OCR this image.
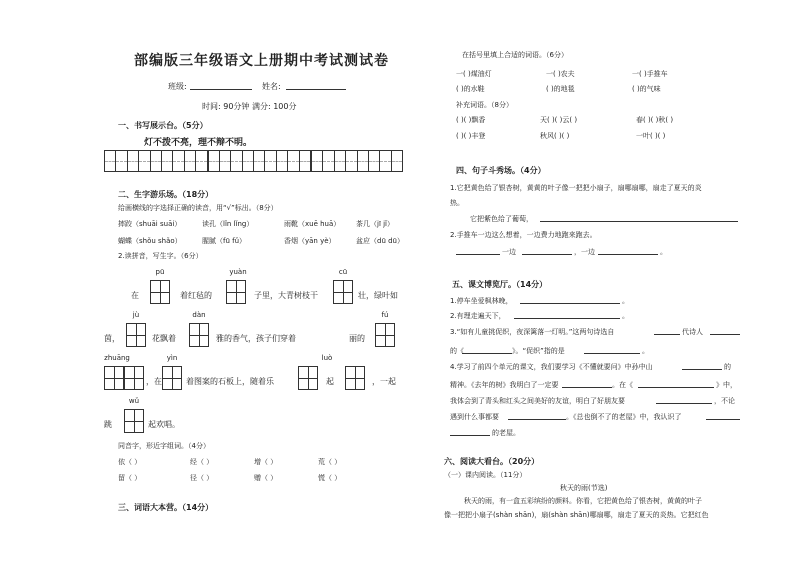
部编版三年级语文上册期中考试测试卷
班级:	姓名:
时间: 90分钟 满分: 100分
一、书写展示台。（5分）
灯不拨不亮，理不辩不明。
二、生字游乐场。（18分）
给画横线的字选择正确的读音，用“√”标出。（8分）
摔跤（shuāi suāi）	读孔（lǐn lǐng）	雨靴（xuē huā） 茶几（jī jǐ）
蝴蝶（shǒu shǎo）	腥腻（fū fǔ）	香烟（yān yè）	盆应（dū dū）
2.读拼音，写生字。（6分）
pū	yuàn	cū
在	着红毡的	子里，大青树枝干	壮，绿叶如
jù	dàn	fú
茵，	花飘着	雅的香气，孩子们穿着	丽的
zhuāng	yìn	luò
，在	着图案的石板上，随着乐	起	，一起
wǔ
跳	起欢唱。
同音字，形近字组词。（4分）
依（ ）	经（ ）	增（ ）	荒（ ）
留（ ）	径（ ）	赠（ ）	慌（ ）
三、词语大本营。（14分）
在括号里填上合适的词语。（6分）
一( )煤油灯	一( )农夫	一( )手推车
( )的水鞋	( )的地毯	( )的气味
补充词语。（8分）
( )( )飘香	天( )( )云( )	春( )( )秋( )
( )( )丰登	秋风( )( )	一叶( )( )
四、句子斗秀场。（4分）
1.它把黄色给了银杏树，黄黄的叶子像一把把小扇子，扇哪扇哪，扇走了夏天的炎
热。
它把紫色给了葡萄，
2.手推车一边这么想着，一边费力地跑来跑去。
一边	，一边	。
五、课文博览厅。（14分）
1.停车坐爱枫林晚，	。
2.有理走遍天下，	。
3.“如有儿童挑促织，夜深篱落一灯明。”这两句诗选自	代诗人
的《	》。“促织”指的是	。
4.学习了前四个单元的课文，我们要学习《不懂就要问》中孙中山	的
精神。《去年的树》我明白了一定要	。在《	》中，
我体会到了青头和红头之间美好的友谊，明白了好朋友要	，不论
遇到什么事都要	。《总也倒不了的老屋》中，我认识了
的老屋。
六、阅读大看台。（20分）
（一）课内阅读。（11分）
秋天的雨(节选)
秋天的雨，有一盒五彩缤纷的颜料。你看，它把黄色给了银杏树，黄黄的叶子
像一把把小扇子(shàn shān)，扇(shàn shān)哪扇哪，扇走了夏天的炎热。它把红色
